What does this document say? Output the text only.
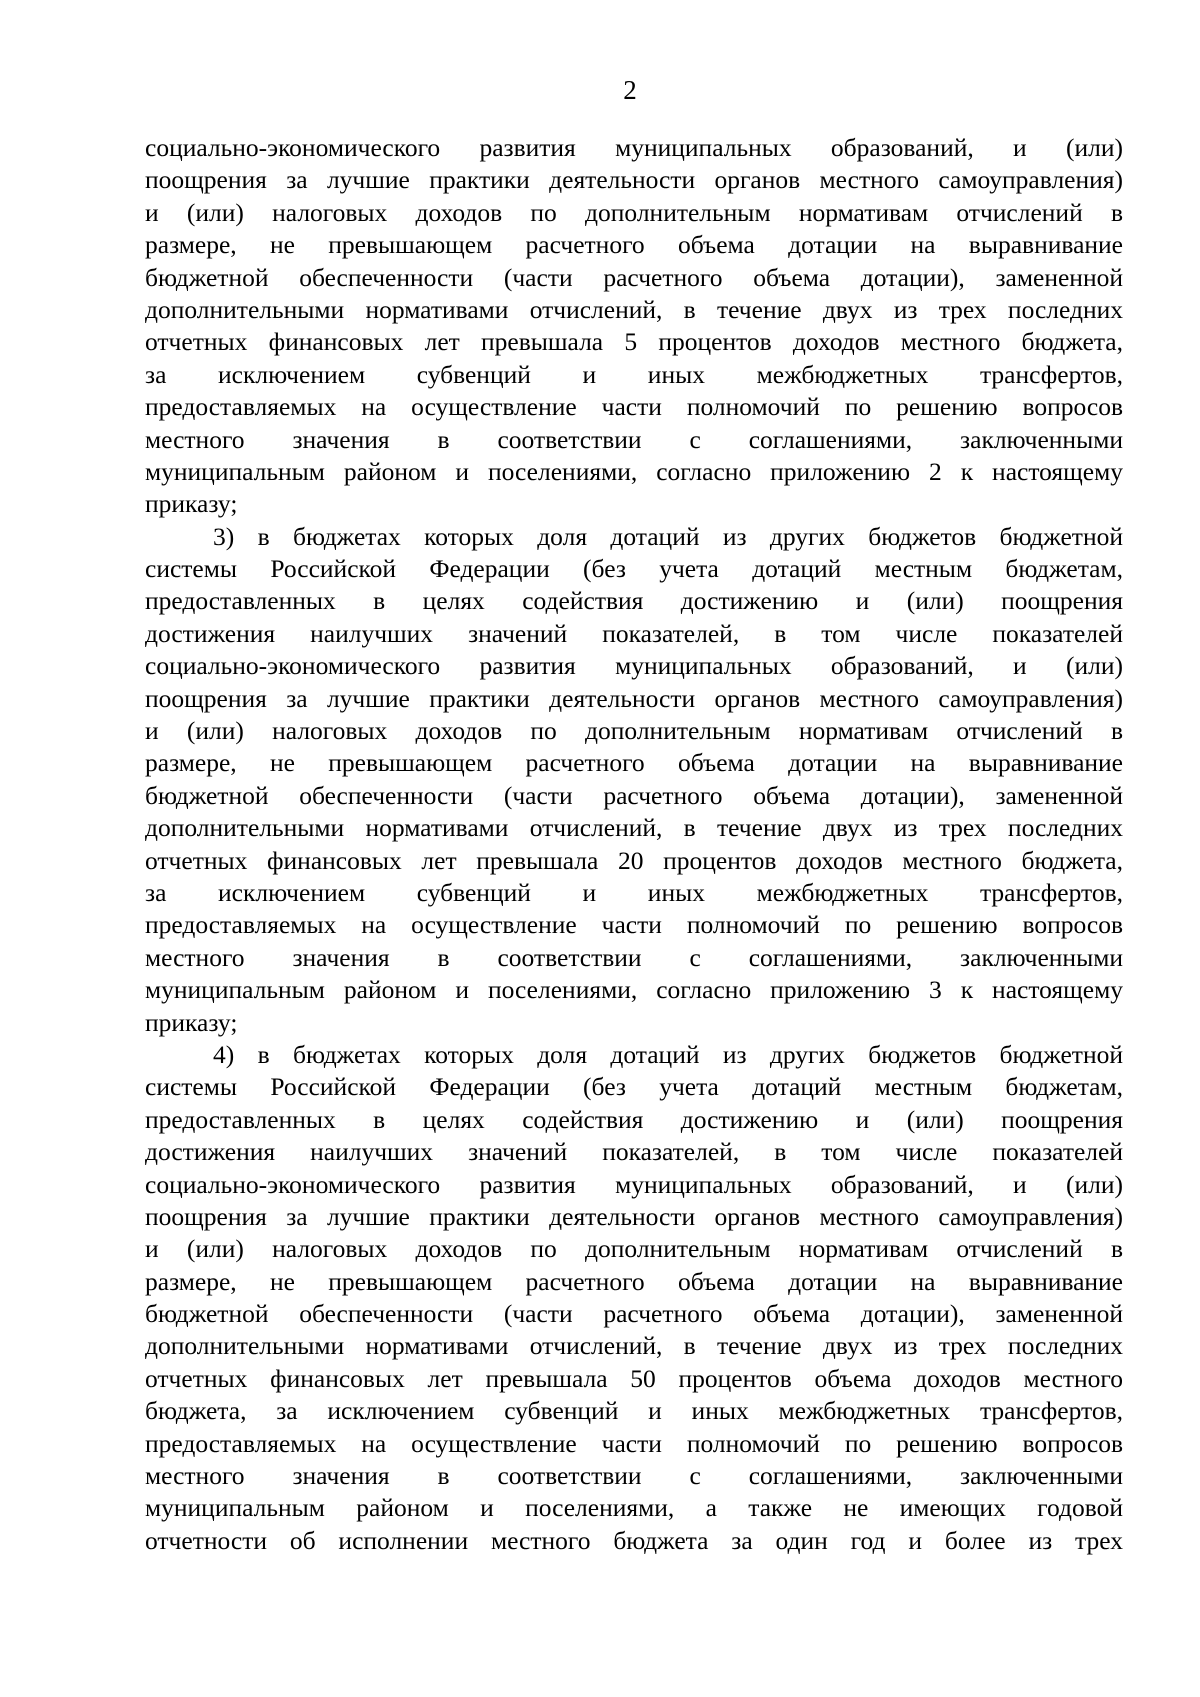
2
социально-экономического развития муниципальных образований, и (или)
поощрения за лучшие практики деятельности органов местного самоуправления)
и (или) налоговых доходов по дополнительным нормативам отчислений в
размере, не превышающем расчетного объема дотации на выравнивание
бюджетной обеспеченности (части расчетного объема дотации), замененной
дополнительными нормативами отчислений, в течение двух из трех последних
отчетных финансовых лет превышала 5 процентов доходов местного бюджета,
за исключением субвенций и иных межбюджетных трансфертов,
предоставляемых на осуществление части полномочий по решению вопросов
местного значения в соответствии с соглашениями, заключенными
муниципальным районом и поселениями, согласно приложению 2 к настоящему
приказу;
3) в бюджетах которых доля дотаций из других бюджетов бюджетной
системы Российской Федерации (без учета дотаций местным бюджетам,
предоставленных в целях содействия достижению и (или) поощрения
достижения наилучших значений показателей, в том числе показателей
социально-экономического развития муниципальных образований, и (или)
поощрения за лучшие практики деятельности органов местного самоуправления)
и (или) налоговых доходов по дополнительным нормативам отчислений в
размере, не превышающем расчетного объема дотации на выравнивание
бюджетной обеспеченности (части расчетного объема дотации), замененной
дополнительными нормативами отчислений, в течение двух из трех последних
отчетных финансовых лет превышала 20 процентов доходов местного бюджета,
за исключением субвенций и иных межбюджетных трансфертов,
предоставляемых на осуществление части полномочий по решению вопросов
местного значения в соответствии с соглашениями, заключенными
муниципальным районом и поселениями, согласно приложению 3 к настоящему
приказу;
4) в бюджетах которых доля дотаций из других бюджетов бюджетной
системы Российской Федерации (без учета дотаций местным бюджетам,
предоставленных в целях содействия достижению и (или) поощрения
достижения наилучших значений показателей, в том числе показателей
социально-экономического развития муниципальных образований, и (или)
поощрения за лучшие практики деятельности органов местного самоуправления)
и (или) налоговых доходов по дополнительным нормативам отчислений в
размере, не превышающем расчетного объема дотации на выравнивание
бюджетной обеспеченности (части расчетного объема дотации), замененной
дополнительными нормативами отчислений, в течение двух из трех последних
отчетных финансовых лет превышала 50 процентов объема доходов местного
бюджета, за исключением субвенций и иных межбюджетных трансфертов,
предоставляемых на осуществление части полномочий по решению вопросов
местного значения в соответствии с соглашениями, заключенными
муниципальным районом и поселениями, а также не имеющих годовой
отчетности об исполнении местного бюджета за один год и более из трех
